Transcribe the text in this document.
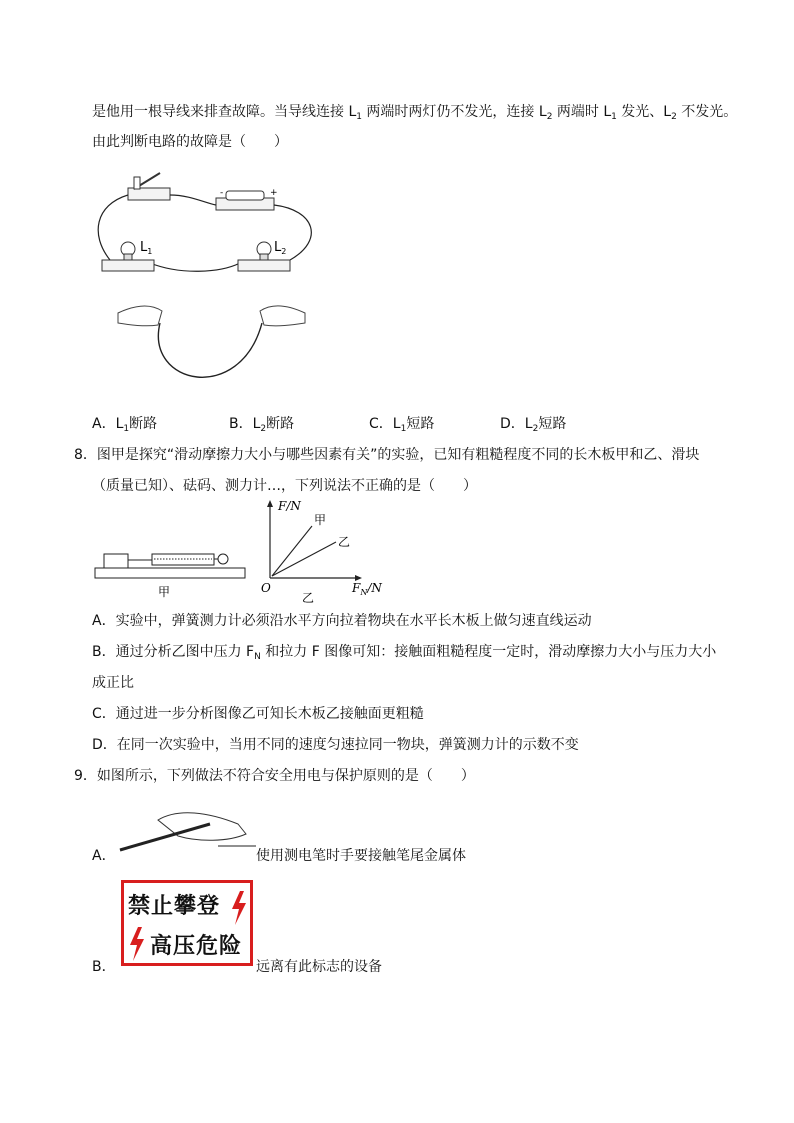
是他用一根导线来排查故障。当导线连接 $L_1$ 两端时两灯仍不发光，连接 $L_2$ 两端时 $L_1$ 发光、$L_2$ 不发光。
由此判断电路的故障是（　　）
-	+
$L_1$	$L_2$
A．$L_1$断路	B．$L_2$断路	C．$L_1$短路	D．$L_2$短路
8．图甲是探究“滑动摩擦力大小与哪些因素有关”的实验，已知有粗糙程度不同的长木板甲和乙、滑块
（质量已知）、砝码、测力计…，下列说法不正确的是（　　）
甲
F/N
甲
乙
O	$F_N/N$
乙
A．实验中，弹簧测力计必须沿水平方向拉着物块在水平长木板上做匀速直线运动
B．通过分析乙图中压力 $F_N$ 和拉力 F 图像可知：接触面粗糙程度一定时，滑动摩擦力大小与压力大小
成正比
C．通过进一步分析图像乙可知长木板乙接触面更粗糙
D．在同一次实验中，当用不同的速度匀速拉同一物块，弹簧测力计的示数不变
9．如图所示，下列做法不符合安全用电与保护原则的是（　　）
A．	使用测电笔时手要接触笔尾金属体
B．
禁止攀登
高压危险
远离有此标志的设备
